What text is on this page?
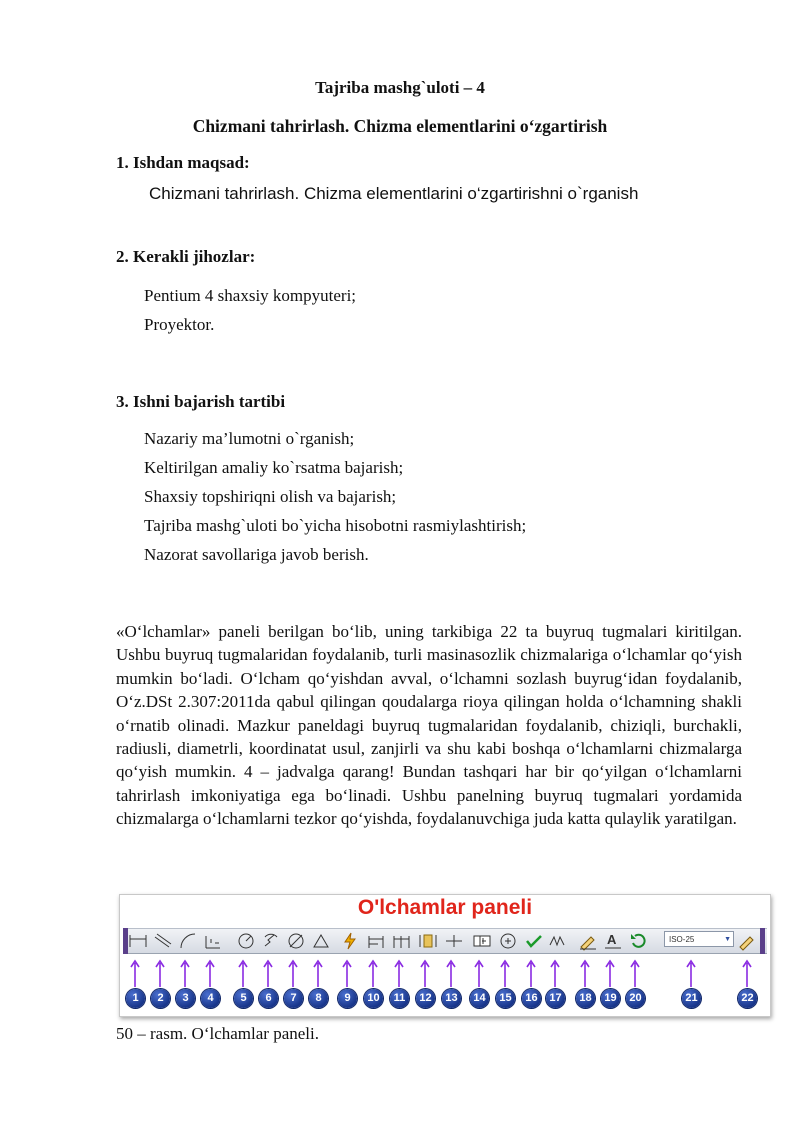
Tajriba mashg`uloti – 4
Chizmani tahrirlash. Chizma elementlarini o‘zgartirish
1. Ishdan maqsad:
Chizmani tahrirlash. Chizma elementlarini o‘zgartirishni o`rganish
2. Kerakli jihozlar:
Pentium 4 shaxsiy kompyuteri;
Proyektor.
3. Ishni bajarish tartibi
Nazariy ma’lumotni o`rganish;
Keltirilgan amaliy ko`rsatma bajarish;
Shaxsiy topshiriqni olish va bajarish;
Tajriba mashg`uloti bo`yicha hisobotni rasmiylashtirish;
Nazorat savollariga javob berish.
«O‘lchamlar» paneli berilgan bo‘lib, uning tarkibiga 22 ta buyruq tugmalari kiritilgan. Ushbu buyruq tugmalaridan foydalanib, turli masinasozlik chizmalariga o‘lchamlar qo‘yish mumkin bo‘ladi. O‘lcham qo‘yishdan avval, o‘lchamni sozlash buyrug‘idan foydalanib, O‘z.DSt 2.307:2011da qabul qilingan qoudalarga rioya qilingan holda o‘lchamning shakli o‘rnatib olinadi. Mazkur paneldagi buyruq tugmalaridan foydalanib, chiziqli, burchakli, radiusli, diametrli, koordinatat usul, zanjirli va shu kabi boshqa o‘lchamlarni chizmalarga qo‘yish mumkin. 4 – jadvalga qarang! Bundan tashqari har bir qo‘yilgan o‘lchamlarni tahrirlash imkoniyatiga ega bo‘linadi. Ushbu panelning buyruq tugmalari yordamida chizmalarga o‘lchamlarni tezkor qo‘yishda, foydalanuvchiga juda katta qulaylik yaratilgan.
O'lchamlar paneli
A	ISO-25	▼
1	2	3	4	5	6	7	8	9	10	11	12	13	14	15	16	17	18	19	20	21	22
50 – rasm. O‘lchamlar paneli.
